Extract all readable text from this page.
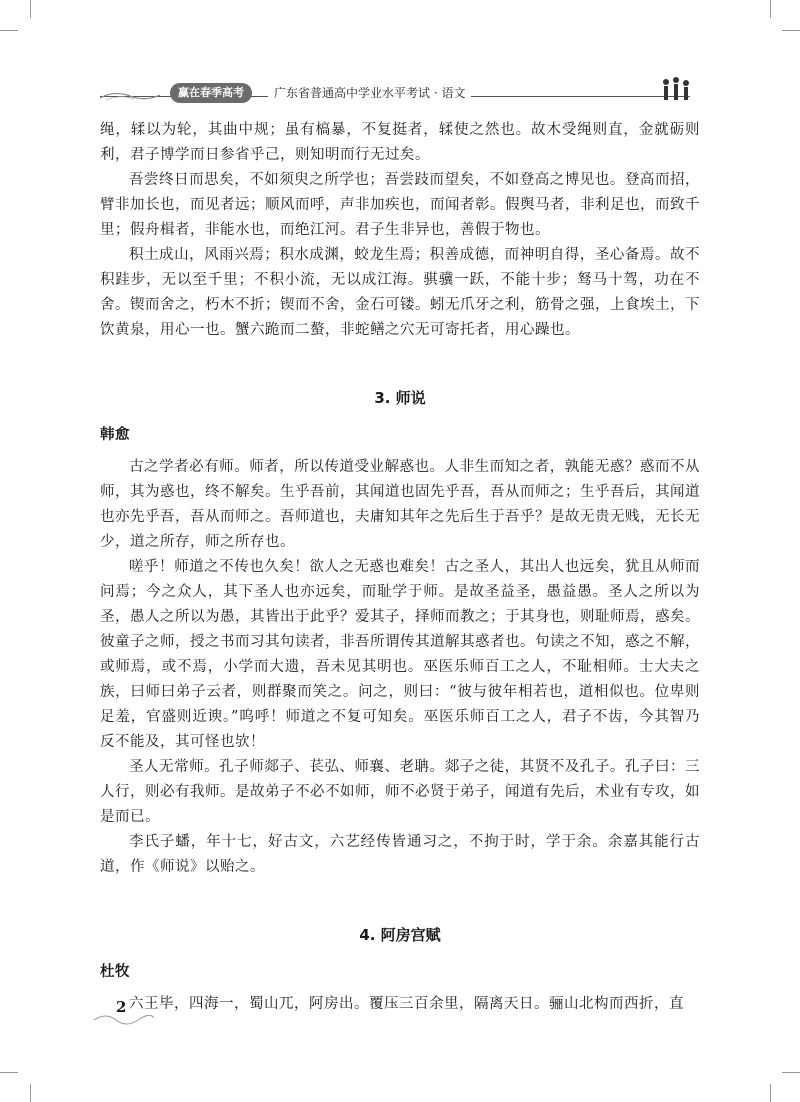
赢在春季高考	广东省普通高中学业水平考试 · 语文

绳，𫐓以为轮，其曲中规；虽有槁暴，不复挺者，𫐓使之然也。故木受绳则直，金就砺则利，君子博学而日参省乎己，则知明而行无过矣。

吾尝终日而思矣，不如须臾之所学也；吾尝跂而望矣，不如登高之博见也。登高而招，臂非加长也，而见者远；顺风而呼，声非加疾也，而闻者彰。假舆马者，非利足也，而致千里；假舟楫者，非能水也，而绝江河。君子生非异也，善假于物也。

积土成山，风雨兴焉；积水成渊，蛟龙生焉；积善成德，而神明自得，圣心备焉。故不积跬步，无以至千里；不积小流，无以成江海。骐骥一跃，不能十步；驽马十驾，功在不舍。锲而舍之，朽木不折；锲而不舍，金石可镂。蚓无爪牙之利，筋骨之强，上食埃土，下饮黄泉，用心一也。蟹六跪而二螯，非蛇鳝之穴无可寄托者，用心躁也。

3. 师说

韩愈

古之学者必有师。师者，所以传道受业解惑也。人非生而知之者，孰能无惑？惑而不从师，其为惑也，终不解矣。生乎吾前，其闻道也固先乎吾，吾从而师之；生乎吾后，其闻道也亦先乎吾，吾从而师之。吾师道也，夫庸知其年之先后生于吾乎？是故无贵无贱，无长无少，道之所存，师之所存也。

嗟乎！师道之不传也久矣！欲人之无惑也难矣！古之圣人，其出人也远矣，犹且从师而问焉；今之众人，其下圣人也亦远矣，而耻学于师。是故圣益圣，愚益愚。圣人之所以为圣，愚人之所以为愚，其皆出于此乎？爱其子，择师而教之；于其身也，则耻师焉，惑矣。彼童子之师，授之书而习其句读者，非吾所谓传其道解其惑者也。句读之不知，惑之不解，或师焉，或不焉，小学而大遗，吾未见其明也。巫医乐师百工之人，不耻相师。士大夫之族，曰师曰弟子云者，则群聚而笑之。问之，则曰：“彼与彼年相若也，道相似也。位卑则足羞，官盛则近谀。”呜呼！师道之不复可知矣。巫医乐师百工之人，君子不齿，今其智乃反不能及，其可怪也欤！

圣人无常师。孔子师郯子、苌弘、师襄、老聃。郯子之徒，其贤不及孔子。孔子曰：三人行，则必有我师。是故弟子不必不如师，师不必贤于弟子，闻道有先后，术业有专攻，如是而已。

李氏子蟠，年十七，好古文，六艺经传皆通习之，不拘于时，学于余。余嘉其能行古道，作《师说》以贻之。

4. 阿房宫赋

杜牧

六王毕，四海一，蜀山兀，阿房出。覆压三百余里，隔离天日。骊山北构而西折，直

2
